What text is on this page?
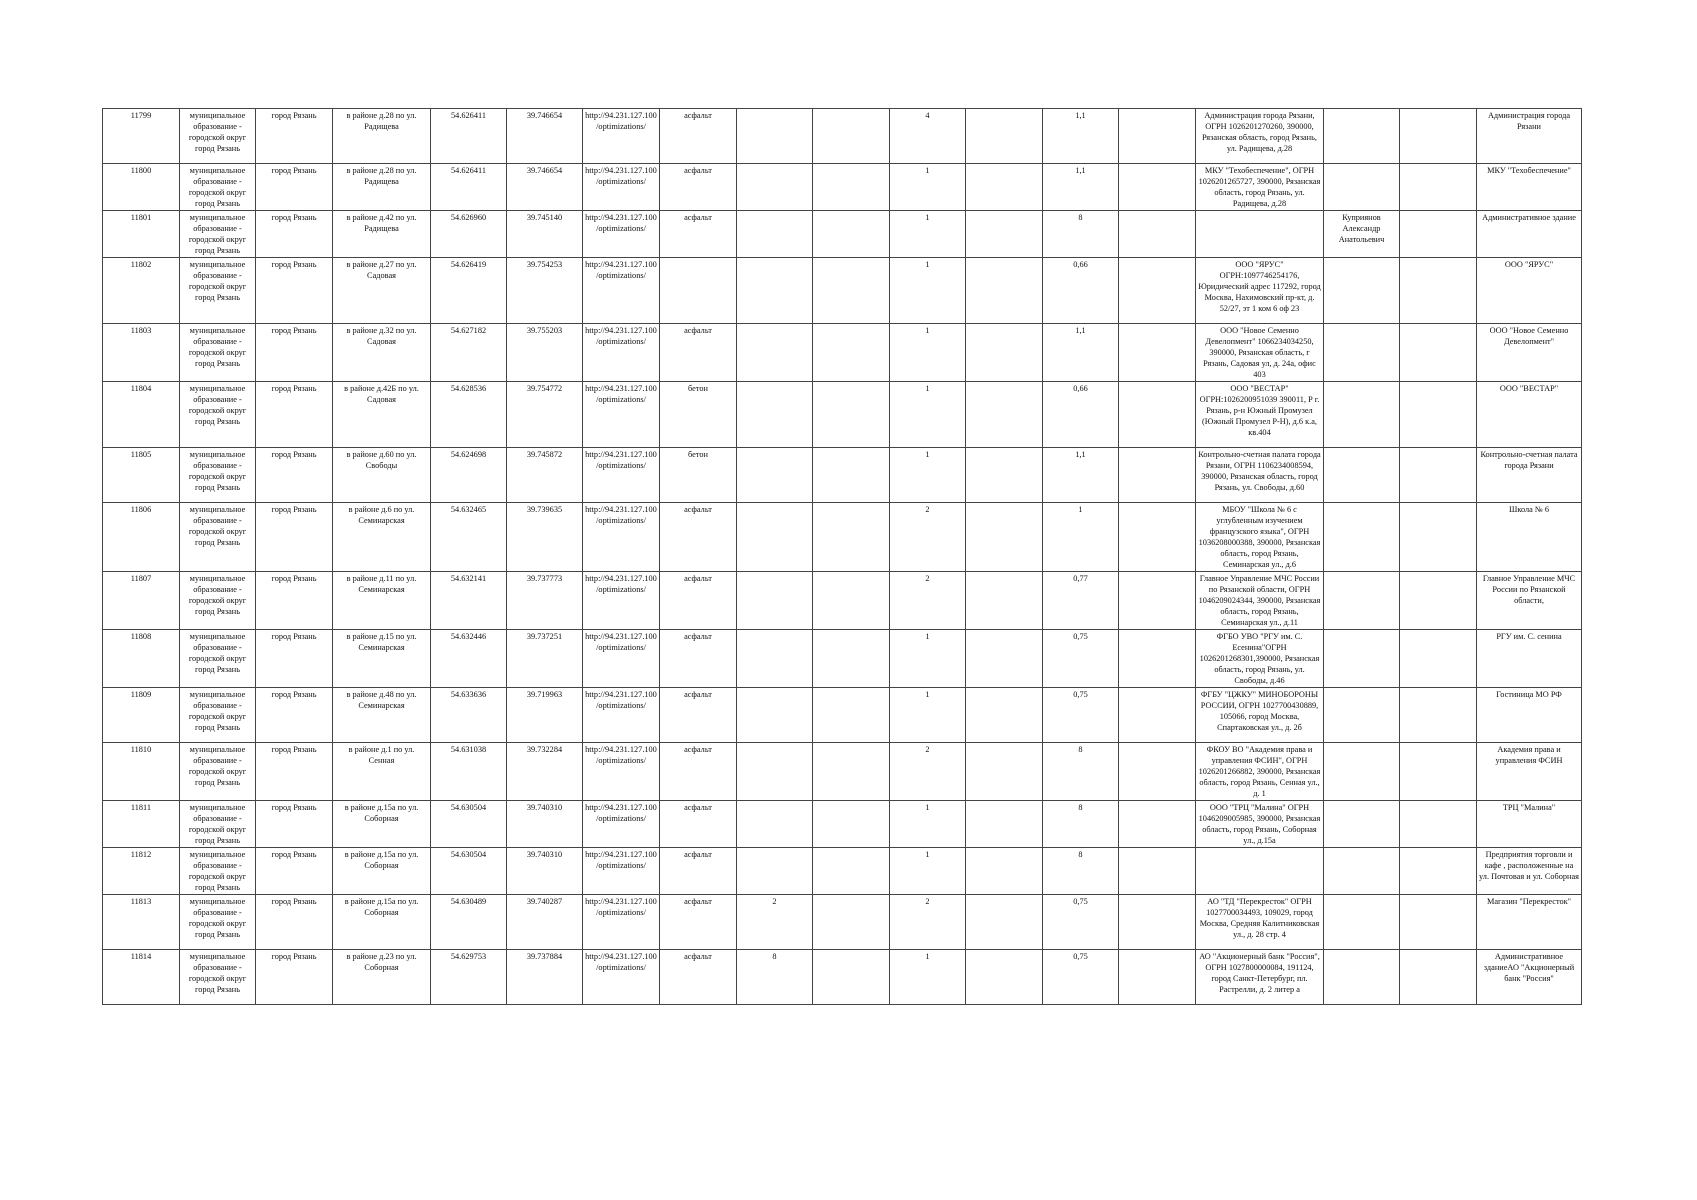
11799	муниципальное образование - городской округ город Рязань	город Рязань	в районе д.28 по ул. Радищева	54.626411	39.746654	http://94.231.127.100/optimizations/	асфальт			4		1,1		Администрация города Рязани, ОГРН 1026201270260, 390000, Рязанская область, город Рязань, ул. Радищева, д.28			Администрация города Рязани
11800	муниципальное образование - городской округ город Рязань	город Рязань	в районе д.28 по ул. Радищева	54.626411	39.746654	http://94.231.127.100/optimizations/	асфальт			1		1,1		МКУ "Техобеспечение", ОГРН 1026201265727, 390000, Рязанская область, город Рязань, ул. Радищева, д.28			МКУ "Техобеспечение"
11801	муниципальное образование - городской округ город Рязань	город Рязань	в районе д.42 по ул. Радищева	54.626960	39.745140	http://94.231.127.100/optimizations/	асфальт			1		8			Куприянов Александр Анатольевич		Административное здание
11802	муниципальное образование - городской округ город Рязань	город Рязань	в районе д.27 по ул. Садовая	54.626419	39.754253	http://94.231.127.100/optimizations/				1		0,66		ООО "ЯРУС" ОГРН:1097746254176, Юридический адрес 117292, город Москва, Нахимовский пр-кт, д. 52/27, эт 1 ком 6 оф 23			ООО "ЯРУС"
11803	муниципальное образование - городской округ город Рязань	город Рязань	в районе д.32 по ул. Садовая	54.627182	39.755203	http://94.231.127.100/optimizations/	асфальт			1		1,1		ООО "Новое Семенно Девелопмент" 1066234034250, 390000, Рязанская область, г Рязань, Садовая ул, д. 24а, офис 403			ООО "Новое Семенно Девелопмент"
11804	муниципальное образование - городской округ город Рязань	город Рязань	в районе д.42Б по ул. Садовая	54.628536	39.754772	http://94.231.127.100/optimizations/	бетон			1		0,66		ООО "ВЕСТАР" ОГРН:1026200951039 390011, Р г. Рязань, р-н Южный Промузел (Южный Промузел Р-Н), д.6 к.а, кв.404			ООО "ВЕСТАР"
11805	муниципальное образование - городской округ город Рязань	город Рязань	в районе д.60 по ул. Свободы	54.624698	39.745872	http://94.231.127.100/optimizations/	бетон			1		1,1		Контрольно-счетная палата города Рязани, ОГРН 1106234008594, 390000, Рязанская область, город Рязань, ул. Свободы, д.60			Контрольно-счетная палата города Рязани
11806	муниципальное образование - городской округ город Рязань	город Рязань	в районе д.6 по ул. Семинарская	54.632465	39.739635	http://94.231.127.100/optimizations/	асфальт			2		1		МБОУ "Школа № 6 с углубленным изучением французского языка", ОГРН 1036208000388, 390000, Рязанская область, город Рязань, Семинарская ул., д.6			Школа № 6
11807	муниципальное образование - городской округ город Рязань	город Рязань	в районе д.11 по ул. Семинарская	54.632141	39.737773	http://94.231.127.100/optimizations/	асфальт			2		0,77		Главное Управление МЧС России по Рязанской области, ОГРН 1046209024344, 390000, Рязанская область, город Рязань, Семинарская ул., д.11			Главное Управление МЧС России по Рязанской области,
11808	муниципальное образование - городской округ город Рязань	город Рязань	в районе д.15 по ул. Семинарская	54.632446	39.737251	http://94.231.127.100/optimizations/	асфальт			1		0,75		ФГБО УВО "РГУ им. С. Есенина"ОГРН 1026201268301,390000, Рязанская область, город Рязань, ул. Свободы, д.46			РГУ им. С. сенина
11809	муниципальное образование - городской округ город Рязань	город Рязань	в районе д.48 по ул. Семинарская	54.633636	39.719963	http://94.231.127.100/optimizations/	асфальт			1		0,75		ФГБУ "ЦЖКУ" МИНОБОРОНЫ РОССИИ, ОГРН 1027700430889, 105066, город Москва, Спартаковская ул., д. 2б			Гостиница МО РФ
11810	муниципальное образование - городской округ город Рязань	город Рязань	в районе д.1 по ул. Сенная	54.631038	39.732284	http://94.231.127.100/optimizations/	асфальт			2		8		ФКОУ ВО "Академия права и управления ФСИН", ОГРН 1026201266882, 390000, Рязанская область, город Рязань, Сенная ул., д. 1			Академия права и управления ФСИН
11811	муниципальное образование - городской округ город Рязань	город Рязань	в районе д.15а по ул. Соборная	54.630504	39.740310	http://94.231.127.100/optimizations/	асфальт			1		8		ООО "ТРЦ "Малина" ОГРН 1046209005985, 390000, Рязанская область, город Рязань, Соборная ул., д.15а			ТРЦ "Малина"
11812	муниципальное образование - городской округ город Рязань	город Рязань	в районе д.15а по ул. Соборная	54.630504	39.740310	http://94.231.127.100/optimizations/	асфальт			1		8					Предприятия торговли и кафе , расположенные на ул. Почтовая и ул. Соборная
11813	муниципальное образование - городской округ город Рязань	город Рязань	в районе д.15а по ул. Соборная	54.630489	39.740287	http://94.231.127.100/optimizations/	асфальт	2		2		0,75		АО "ТД "Перекресток" ОГРН 1027700034493, 109029, город Москва, Средняя Калитниковская ул., д. 28 стр. 4			Магазин "Перекресток"
11814	муниципальное образование - городской округ город Рязань	город Рязань	в районе д.23 по ул. Соборная	54.629753	39.737884	http://94.231.127.100/optimizations/	асфальт	8		1		0,75		АО "Акционерный банк "Россия", ОГРН 1027800000084, 191124, город Санкт-Петербург, пл. Растрелли, д. 2 литер а			Административное зданиеАО "Акционерный банк "Россия"
